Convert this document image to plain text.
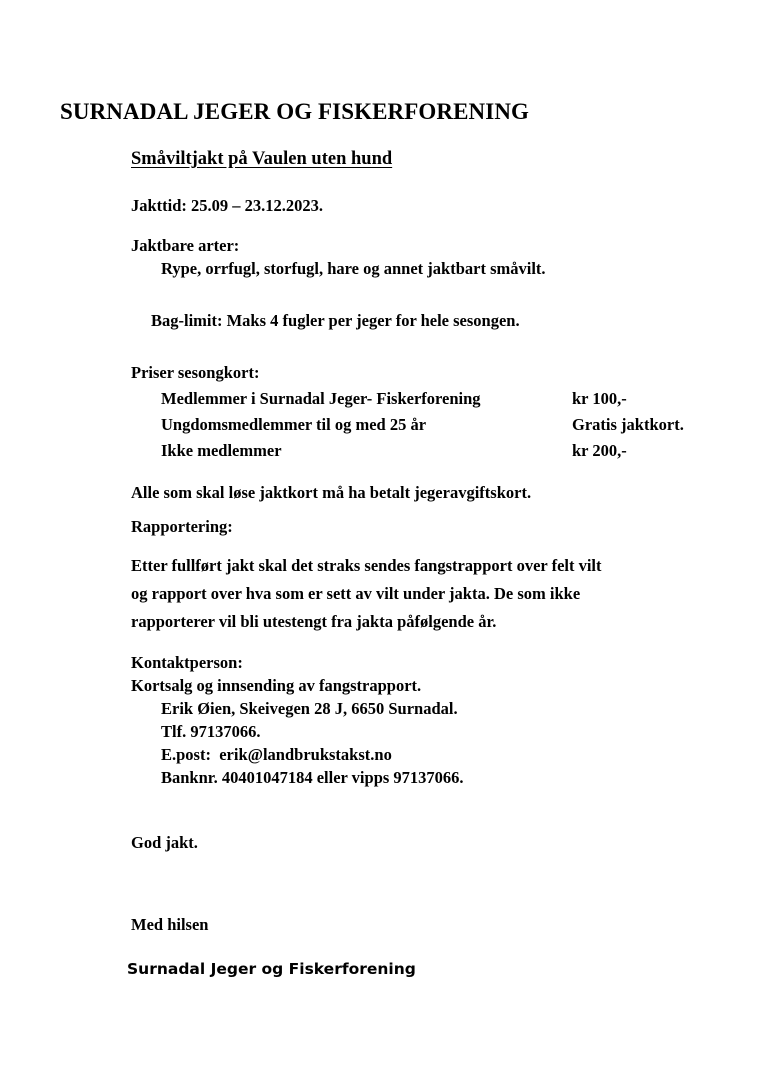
SURNADAL JEGER OG FISKERFORENING
Småviltjakt på Vaulen uten hund
Jakttid: 25.09 – 23.12.2023.
Jaktbare arter:
Rype, orrfugl, storfugl, hare og annet jaktbart småvilt.
Bag-limit: Maks 4 fugler per jeger for hele sesongen.
Priser sesongkort:
Medlemmer i Surnadal Jeger- Fiskerforening	kr 100,-
Ungdomsmedlemmer til og med 25 år	Gratis jaktkort.
Ikke medlemmer	kr 200,-
Alle som skal løse jaktkort må ha betalt jegeravgiftskort.
Rapportering:
Etter fullført jakt skal det straks sendes fangstrapport over felt vilt
og rapport over hva som er sett av vilt under jakta. De som ikke
rapporterer vil bli utestengt fra jakta påfølgende år.
Kontaktperson:
Kortsalg og innsending av fangstrapport.
Erik Øien, Skeivegen 28 J, 6650 Surnadal.
Tlf. 97137066.
E.post: erik@landbrukstakst.no
Banknr. 40401047184 eller vipps 97137066.
God jakt.
Med hilsen
Surnadal Jeger og Fiskerforening
